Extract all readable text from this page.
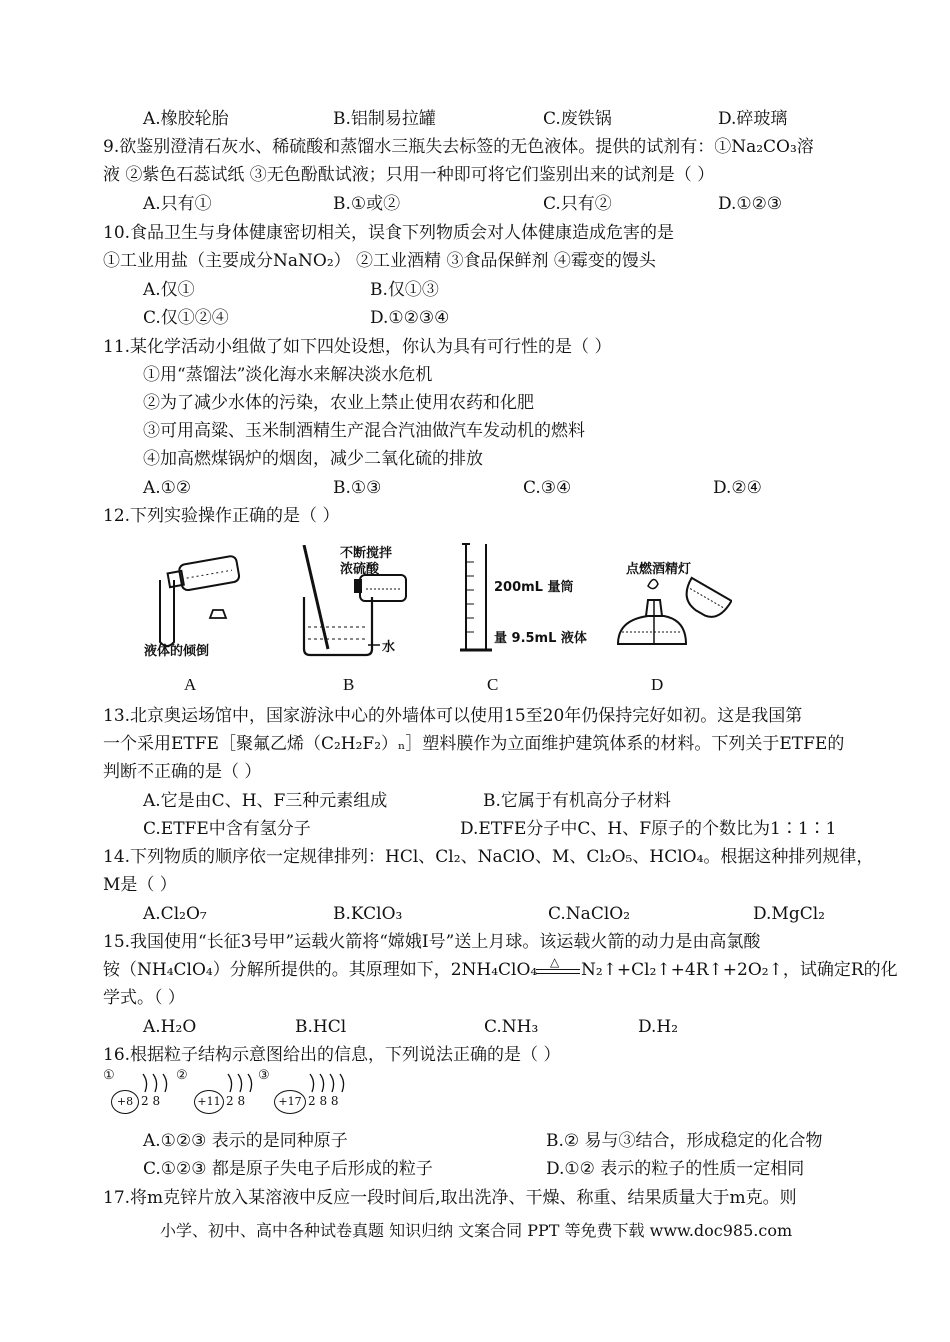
A.橡胶轮胎	B.铝制易拉罐	C.废铁锅	D.碎玻璃
9.欲鉴别澄清石灰水、稀硫酸和蒸馏水三瓶失去标签的无色液体。提供的试剂有：①Na₂CO₃溶
液 ②紫色石蕊试纸 ③无色酚酞试液；只用一种即可将它们鉴别出来的试剂是（ ）
A.只有①	B.①或②	C.只有②	D.①②③
10.食品卫生与身体健康密切相关，误食下列物质会对人体健康造成危害的是
①工业用盐（主要成分NaNO₂） ②工业酒精 ③食品保鲜剂 ④霉变的馒头
A.仅①	B.仅①③
C.仅①②④	D.①②③④
11.某化学活动小组做了如下四处设想，你认为具有可行性的是（ ）
①用“蒸馏法”淡化海水来解决淡水危机
②为了减少水体的污染，农业上禁止使用农药和化肥
③可用高粱、玉米制酒精生产混合汽油做汽车发动机的燃料
④加高燃煤锅炉的烟囱，减少二氧化硫的排放
A.①②	B.①③	C.③④	D.②④
12.下列实验操作正确的是（ ）
液体的倾倒
不断搅拌
浓硫酸
水
200mL 量筒
量 9.5mL 液体
点燃酒精灯
A	B	C	D
13.北京奥运场馆中，国家游泳中心的外墙体可以使用15至20年仍保持完好如初。这是我国第
一个采用ETFE［聚氟乙烯（C₂H₂F₂）ₙ］塑料膜作为立面维护建筑体系的材料。下列关于ETFE的
判断不正确的是（ ）
A.它是由C、H、F三种元素组成	B.它属于有机高分子材料
C.ETFE中含有氢分子	D.ETFE分子中C、H、F原子的个数比为1∶1∶1
14.下列物质的顺序依一定规律排列：HCl、Cl₂、NaClO、M、Cl₂O₅、HClO₄。根据这种排列规律，
M是（ ）
A.Cl₂O₇	B.KClO₃	C.NaClO₂	D.MgCl₂
15.我国使用“长征3号甲”运载火箭将“嫦娥Ⅰ号”送上月球。该运载火箭的动力是由高氯酸
铵（NH₄ClO₄）分解所提供的。其原理如下，2NH₄ClO₄ △ N₂↑+Cl₂↑+4R↑+2O₂↑，试确定R的化
学式。（ ）
A.H₂O	B.HCl	C.NH₃	D.H₂
16.根据粒子结构示意图给出的信息，下列说法正确的是（ ）
①
+8 2 8
②
+11 2 8
③
+17 2 8 8
A.①②③ 表示的是同种原子	B.② 易与③结合，形成稳定的化合物
C.①②③ 都是原子失电子后形成的粒子	D.①② 表示的粒子的性质一定相同
17.将m克锌片放入某溶液中反应一段时间后,取出洗净、干燥、称重、结果质量大于m克。则
小学、初中、高中各种试卷真题 知识归纳 文案合同 PPT 等免费下载 www.doc985.com
